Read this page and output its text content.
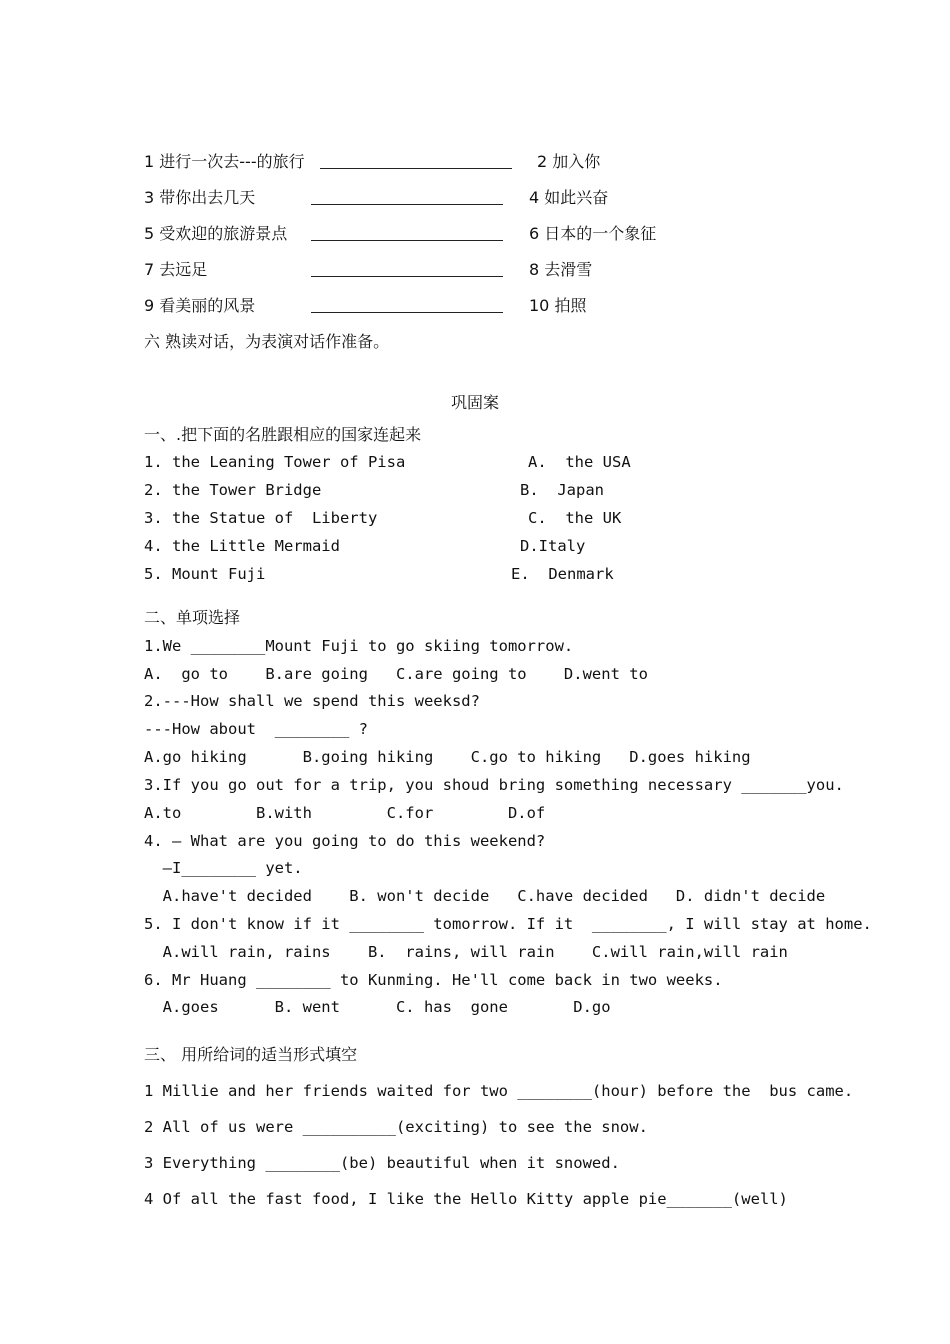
1 进行一次去---的旅行	2 加入你
3 带你出去几天	4 如此兴奋
5 受欢迎的旅游景点	6 日本的一个象征
7 去远足	8 去滑雪
9 看美丽的风景	10 拍照
六 熟读对话，为表演对话作准备。
巩固案
一、.把下面的名胜跟相应的国家连起来
1. the Leaning Tower of Pisa	A.  the USA
2. the Tower Bridge	B.  Japan
3. the Statue of  Liberty	C.  the UK
4. the Little Mermaid	D.Italy
5. Mount Fuji	E.  Denmark
二、单项选择
1.We ________Mount Fuji to go skiing tomorrow.
A.  go to    B.are going   C.are going to    D.went to
2.---How shall we spend this weeksd?
---How about  ________ ?
A.go hiking      B.going hiking    C.go to hiking   D.goes hiking
3.If you go out for a trip, you shoud bring something necessary _______you.
A.to        B.with        C.for        D.of
4. — What are you going to do this weekend?
—I________ yet.
A.have't decided    B. won't decide   C.have decided   D. didn't decide
5. I don't know if it ________ tomorrow. If it  ________, I will stay at home.
A.will rain, rains    B.  rains, will rain    C.will rain,will rain
6. Mr Huang ________ to Kunming. He'll come back in two weeks.
A.goes      B. went      C. has  gone       D.go
三、 用所给词的适当形式填空
1 Millie and her friends waited for two ________(hour) before the  bus came.
2 All of us were __________(exciting) to see the snow.
3 Everything ________(be) beautiful when it snowed.
4 Of all the fast food, I like the Hello Kitty apple pie_______(well)
